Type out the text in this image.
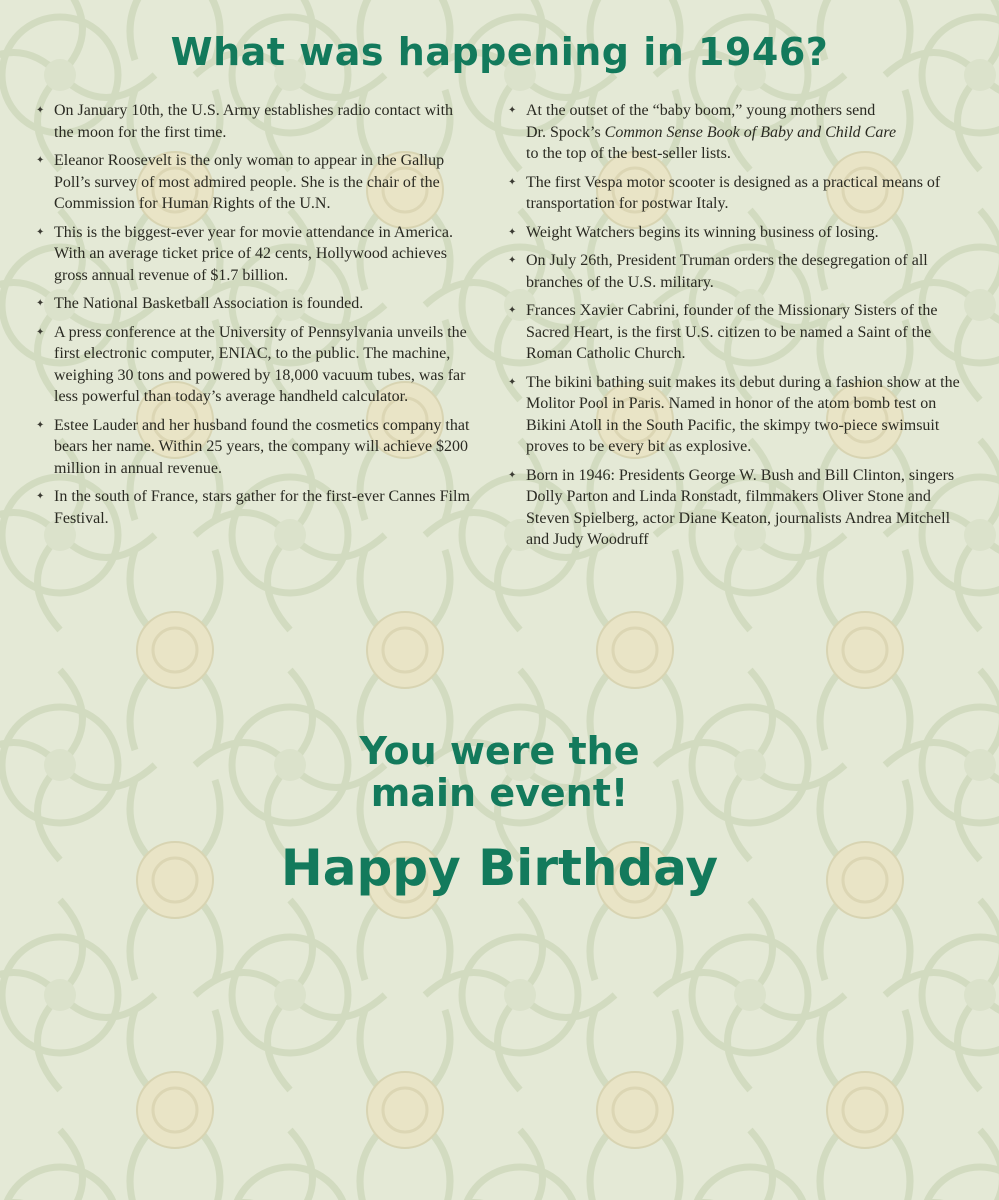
What was happening in 1946?
✦ On January 10th, the U.S. Army establishes radio contact with the moon for the first time.
✦ Eleanor Roosevelt is the only woman to appear in the Gallup Poll’s survey of most admired people. She is the chair of the Commission for Human Rights of the U.N.
✦ This is the biggest-ever year for movie attendance in America. With an average ticket price of 42 cents, Hollywood achieves gross annual revenue of $1.7 billion.
✦ The National Basketball Association is founded.
✦ A press conference at the University of Pennsylvania unveils the first electronic computer, ENIAC, to the public. The machine, weighing 30 tons and powered by 18,000 vacuum tubes, was far less powerful than today’s average handheld calculator.
✦ Estee Lauder and her husband found the cosmetics company that bears her name. Within 25 years, the company will achieve $200 million in annual revenue.
✦ In the south of France, stars gather for the first-ever Cannes Film Festival.
✦ At the outset of the “baby boom,” young mothers send
Dr. Spock’s Common Sense Book of Baby and Child Care
to the top of the best-seller lists.
✦ The first Vespa motor scooter is designed as a practical means of transportation for postwar Italy.
✦ Weight Watchers begins its winning business of losing.
✦ On July 26th, President Truman orders the desegregation of all branches of the U.S. military.
✦ Frances Xavier Cabrini, founder of the Missionary Sisters of the Sacred Heart, is the first U.S. citizen to be named a Saint of the Roman Catholic Church.
✦ The bikini bathing suit makes its debut during a fashion show at the Molitor Pool in Paris. Named in honor of the atom bomb test on Bikini Atoll in the South Pacific, the skimpy two-piece swimsuit proves to be every bit as explosive.
✦ Born in 1946: Presidents George W. Bush and Bill Clinton, singers Dolly Parton and Linda Ronstadt, filmmakers Oliver Stone and Steven Spielberg, actor Diane Keaton, journalists Andrea Mitchell and Judy Woodruff
You were the
main event!
Happy Birthday
